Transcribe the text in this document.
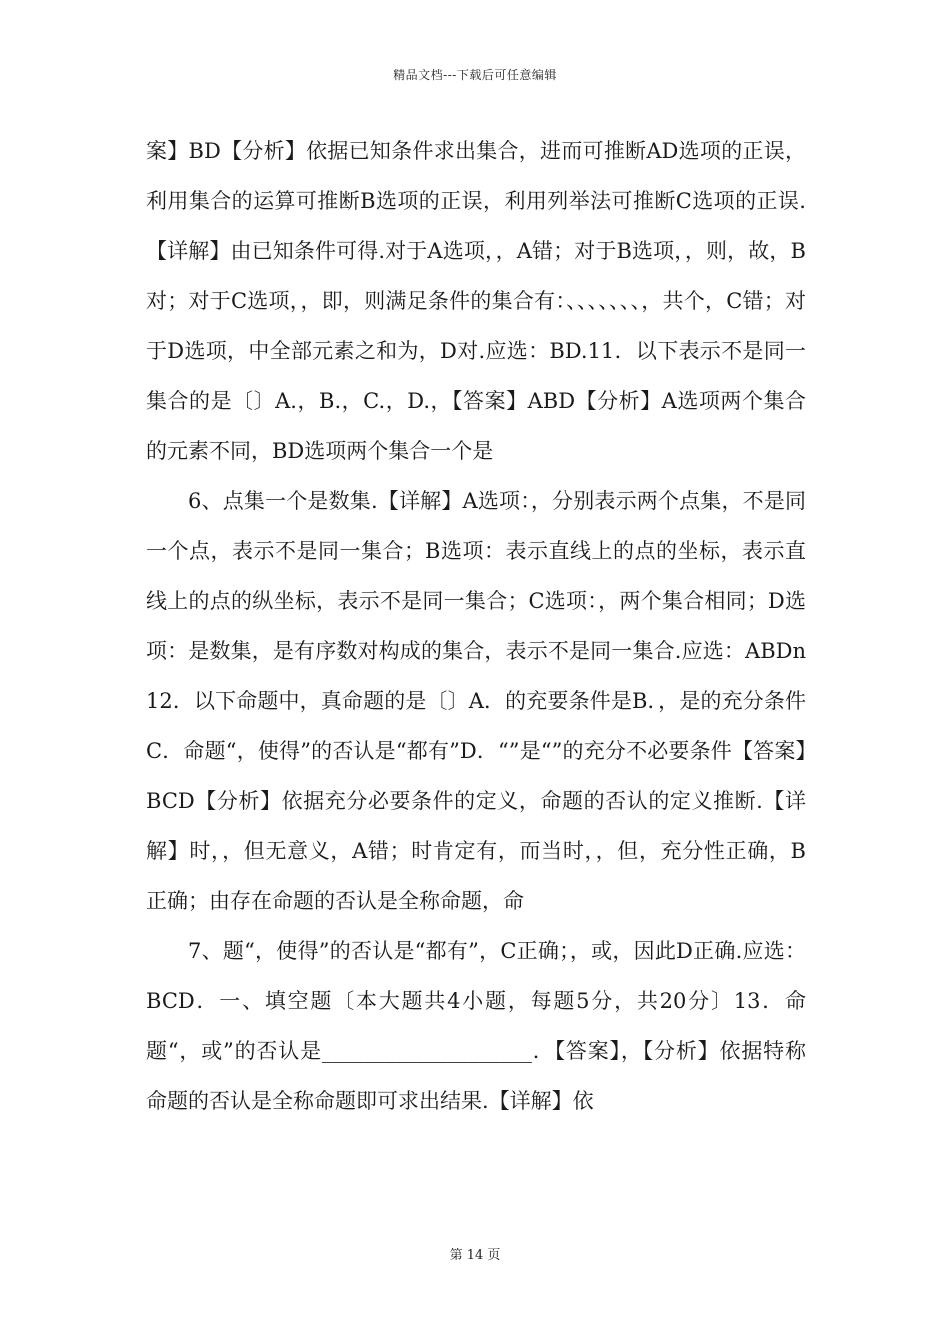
精品文档---下载后可任意编辑

案】BD【分析】依据已知条件求出集合，进而可推断AD选项的正误，利用集合的运算可推断B选项的正误，利用列举法可推断C选项的正误.【详解】由已知条件可得.对于A选项，，A错；对于B选项，，则，故，B对；对于C选项，，即，则满足条件的集合有：、、、、、、、，共个，C错；对于D选项，中全部元素之和为，D对.应选：BD.11．以下表示不是同一集合的是〔〕A.，B.，C.，D.，【答案】ABD【分析】A选项两个集合的元素不同，BD选项两个集合一个是

6、点集一个是数集.【详解】A选项：，分别表示两个点集，不是同一个点，表示不是同一集合；B选项：表示直线上的点的坐标，表示直线上的点的纵坐标，表示不是同一集合；C选项：，两个集合相同；D选项：是数集，是有序数对构成的集合，表示不是同一集合.应选：ABDn12．以下命题中，真命题的是〔〕A．的充要条件是B．，是的充分条件C．命题“，使得”的否认是“都有”D．“”是“”的充分不必要条件【答案】BCD【分析】依据充分必要条件的定义，命题的否认的定义推断.【详解】时，，但无意义，A错；时肯定有，而当时，，但，充分性正确，B正确；由存在命题的否认是全称命题，命

7、题“，使得”的否认是“都有”，C正确；，或，因此D正确.应选：BCD．一、填空题〔本大题共4小题，每题5分，共20分〕13．命题“，或”的否认是____________________．【答案】，【分析】依据特称命题的否认是全称命题即可求出结果.【详解】依

第 14 页
